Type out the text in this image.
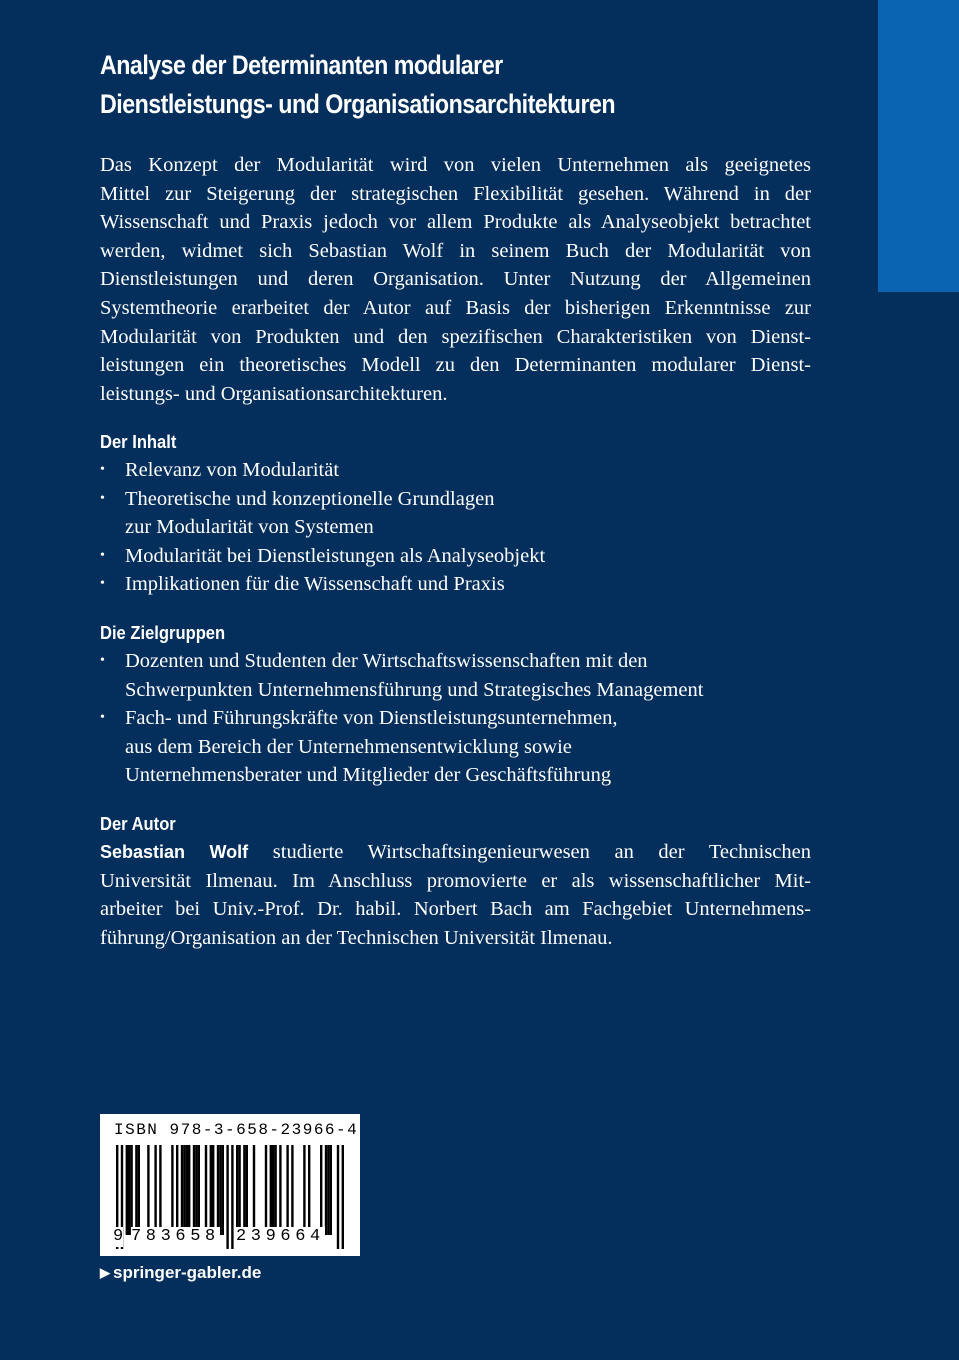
Analyse der Determinanten modularer
Dienstleistungs- und Organisationsarchitekturen
Das Konzept der Modularität wird von vielen Unternehmen als geeignetes
Mittel zur Steigerung der strategischen Flexibilität gesehen. Während in der
Wissenschaft und Praxis jedoch vor allem Produkte als Analyseobjekt betrachtet
werden, widmet sich Sebastian Wolf in seinem Buch der Modularität von
Dienstleistungen und deren Organisation. Unter Nutzung der Allgemeinen
Systemtheorie erarbeitet der Autor auf Basis der bisherigen Erkenntnisse zur
Modularität von Produkten und den spezifischen Charakteristiken von Dienst-
leistungen ein theoretisches Modell zu den Determinanten modularer Dienst-
leistungs- und Organisationsarchitekturen.
Der Inhalt
• Relevanz von Modularität
• Theoretische und konzeptionelle Grundlagen
zur Modularität von Systemen
• Modularität bei Dienstleistungen als Analyseobjekt
• Implikationen für die Wissenschaft und Praxis
Die Zielgruppen
• Dozenten und Studenten der Wirtschaftswissenschaften mit den
Schwerpunkten Unternehmensführung und Strategisches Management
• Fach- und Führungskräfte von Dienstleistungsunternehmen,
aus dem Bereich der Unternehmensentwicklung sowie
Unternehmensberater und Mitglieder der Geschäftsführung
Der Autor
Sebastian Wolf studierte Wirtschaftsingenieurwesen an der Technischen
Universität Ilmenau. Im Anschluss promovierte er als wissenschaftlicher Mit-
arbeiter bei Univ.-Prof. Dr. habil. Norbert Bach am Fachgebiet Unternehmens-
führung/Organisation an der Technischen Universität Ilmenau.
ISBN 978-3-658-23966-4
9 783658 239664
▶ springer-gabler.de
